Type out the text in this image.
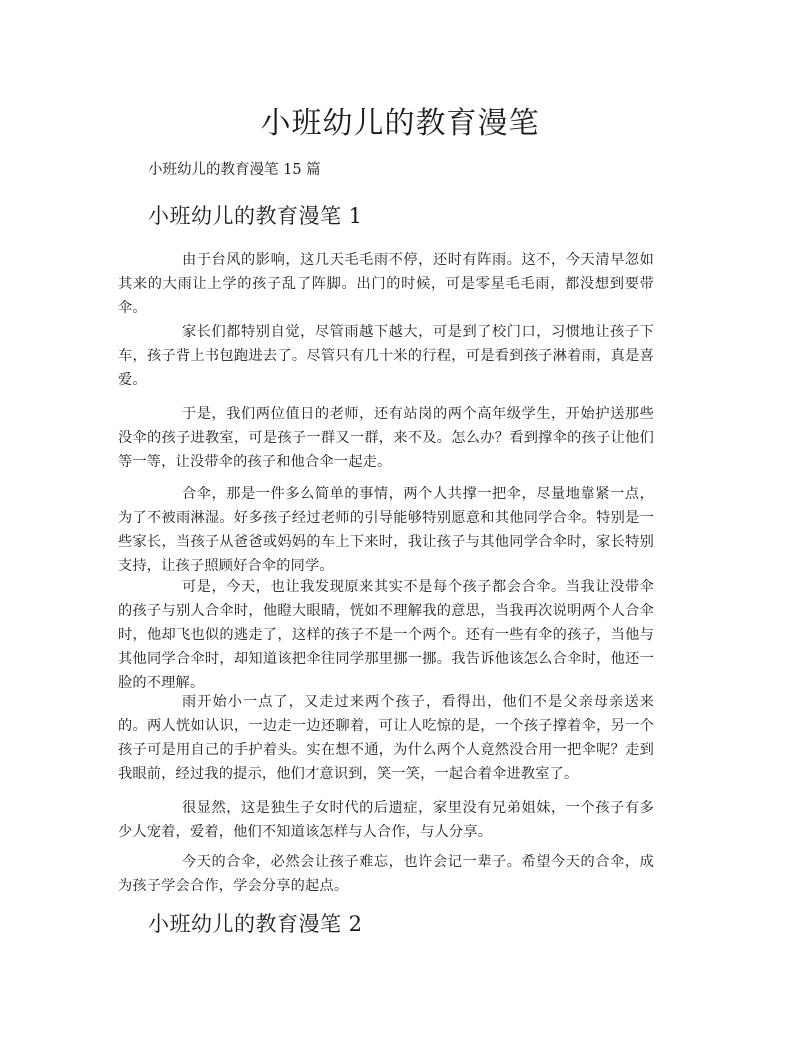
小班幼儿的教育漫笔

小班幼儿的教育漫笔 15 篇

小班幼儿的教育漫笔 1

由于台风的影响，这几天毛毛雨不停，还时有阵雨。这不，今天清早忽如其来的大雨让上学的孩子乱了阵脚。出门的时候，可是零星毛毛雨，都没想到要带伞。

家长们都特别自觉，尽管雨越下越大，可是到了校门口，习惯地让孩子下车，孩子背上书包跑进去了。尽管只有几十米的行程，可是看到孩子淋着雨，真是喜爱。

于是，我们两位值日的老师，还有站岗的两个高年级学生，开始护送那些没伞的孩子进教室，可是孩子一群又一群，来不及。怎么办？看到撑伞的孩子让他们等一等，让没带伞的孩子和他合伞一起走。

合伞，那是一件多么简单的事情，两个人共撑一把伞，尽量地靠紧一点，为了不被雨淋湿。好多孩子经过老师的引导能够特别愿意和其他同学合伞。特别是一些家长，当孩子从爸爸或妈妈的车上下来时，我让孩子与其他同学合伞时，家长特别支持，让孩子照顾好合伞的同学。

可是，今天，也让我发现原来其实不是每个孩子都会合伞。当我让没带伞的孩子与别人合伞时，他瞪大眼睛，恍如不理解我的意思，当我再次说明两个人合伞时，他却飞也似的逃走了，这样的孩子不是一个两个。还有一些有伞的孩子，当他与其他同学合伞时，却知道该把伞往同学那里挪一挪。我告诉他该怎么合伞时，他还一脸的不理解。

雨开始小一点了，又走过来两个孩子，看得出，他们不是父亲母亲送来的。两人恍如认识，一边走一边还聊着，可让人吃惊的是，一个孩子撑着伞，另一个孩子可是用自己的手护着头。实在想不通，为什么两个人竟然没合用一把伞呢？走到我眼前，经过我的提示，他们才意识到，笑一笑，一起合着伞进教室了。

很显然，这是独生子女时代的后遗症，家里没有兄弟姐妹，一个孩子有多少人宠着，爱着，他们不知道该怎样与人合作，与人分享。

今天的合伞，必然会让孩子难忘，也许会记一辈子。希望今天的合伞，成为孩子学会合作，学会分享的起点。

小班幼儿的教育漫笔 2
